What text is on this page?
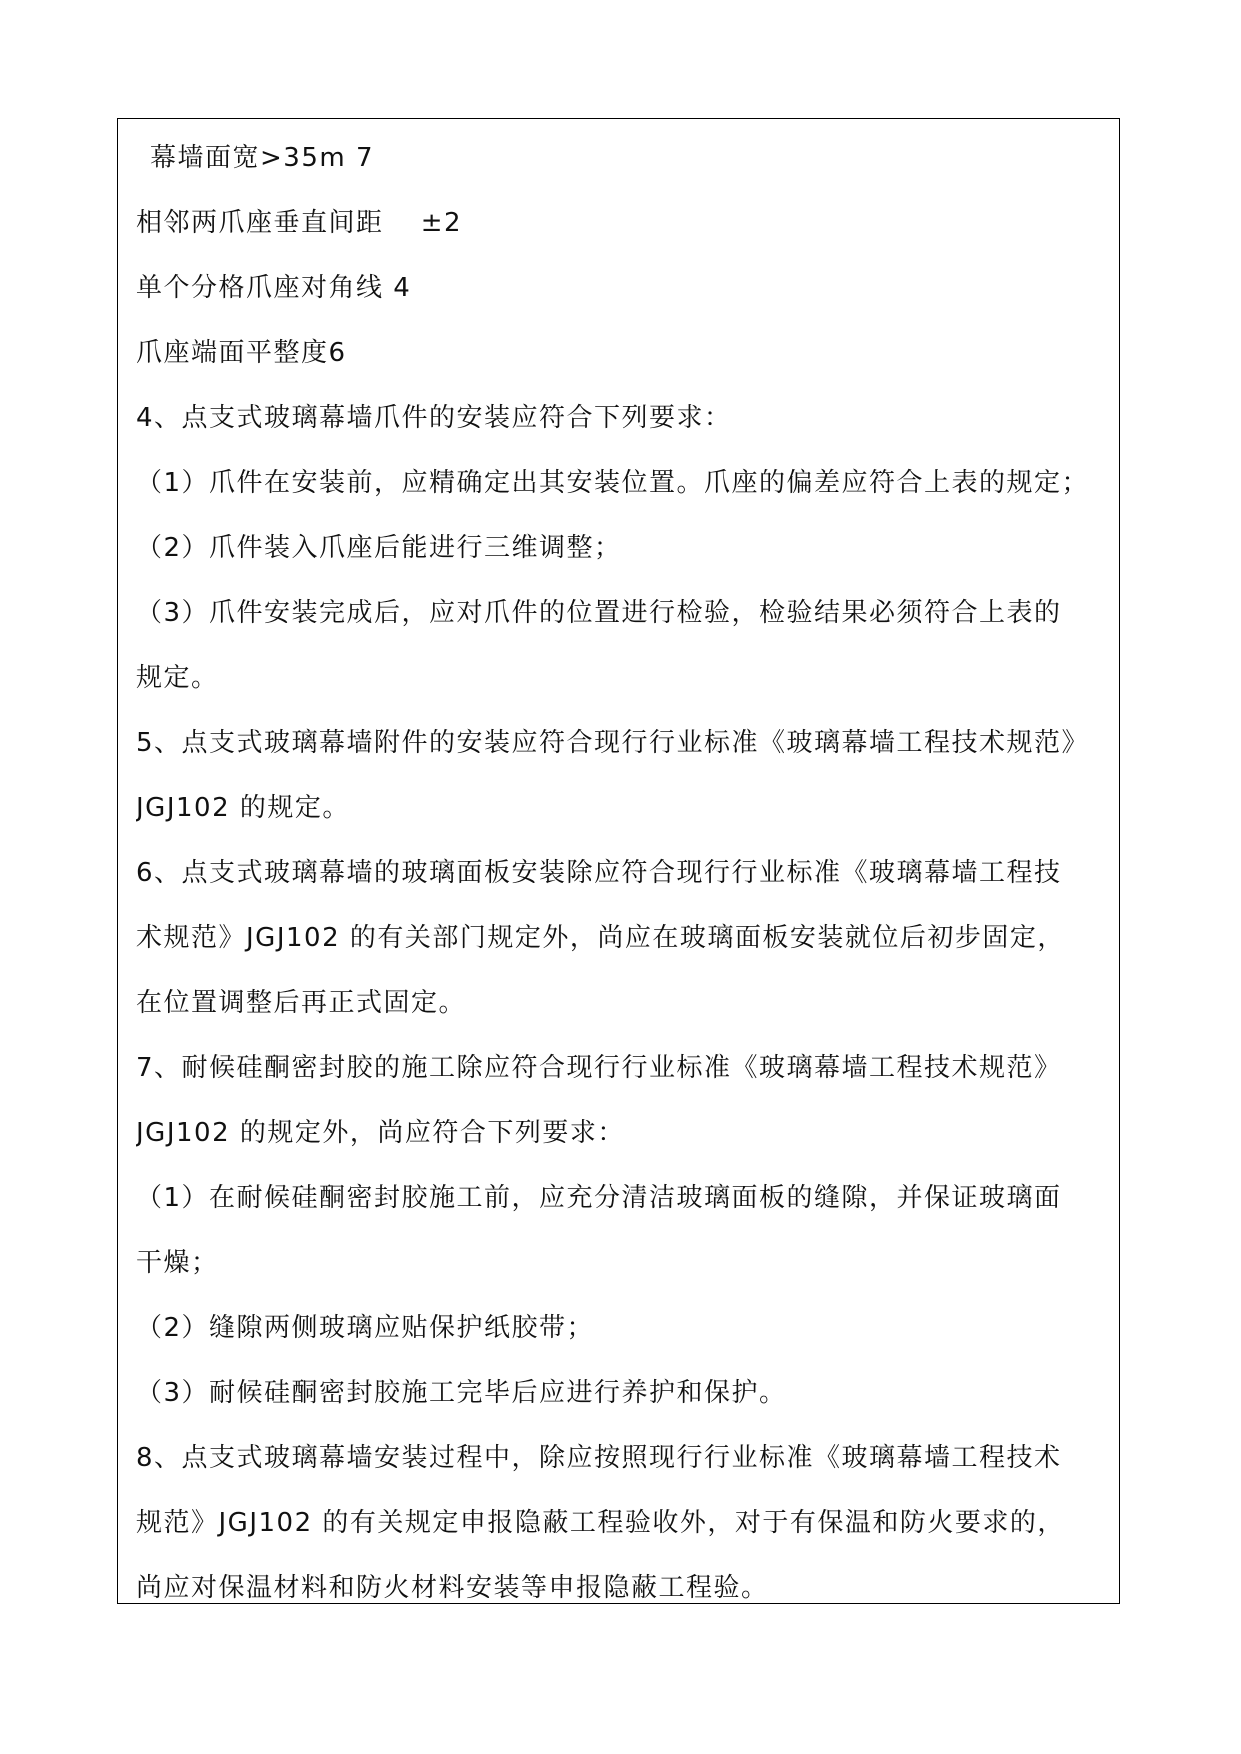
幕墙面宽>35m 7
相邻两爪座垂直间距　 ±2
单个分格爪座对角线 4
爪座端面平整度6
4、点支式玻璃幕墙爪件的安装应符合下列要求：
（1）爪件在安装前，应精确定出其安装位置。爪座的偏差应符合上表的规定；
（2）爪件装入爪座后能进行三维调整；
（3）爪件安装完成后，应对爪件的位置进行检验，检验结果必须符合上表的
规定。
5、点支式玻璃幕墙附件的安装应符合现行行业标准《玻璃幕墙工程技术规范》
JGJ102 的规定。
6、点支式玻璃幕墙的玻璃面板安装除应符合现行行业标准《玻璃幕墙工程技
术规范》JGJ102 的有关部门规定外，尚应在玻璃面板安装就位后初步固定，
在位置调整后再正式固定。
7、耐候硅酮密封胶的施工除应符合现行行业标准《玻璃幕墙工程技术规范》
JGJ102 的规定外，尚应符合下列要求：
（1）在耐候硅酮密封胶施工前，应充分清洁玻璃面板的缝隙，并保证玻璃面
干燥；
（2）缝隙两侧玻璃应贴保护纸胶带；
（3）耐候硅酮密封胶施工完毕后应进行养护和保护。
8、点支式玻璃幕墙安装过程中，除应按照现行行业标准《玻璃幕墙工程技术
规范》JGJ102 的有关规定申报隐蔽工程验收外，对于有保温和防火要求的，
尚应对保温材料和防火材料安装等申报隐蔽工程验。
